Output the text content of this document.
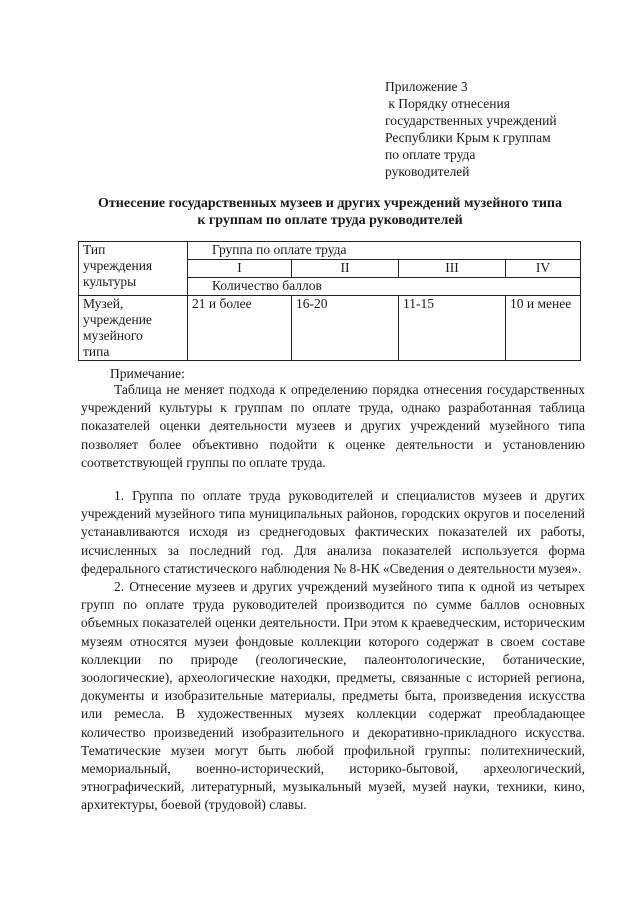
Приложение 3
к Порядку отнесения
государственных учреждений
Республики Крым к группам
по оплате труда
руководителей
Отнесение государственных музеев и других учреждений музейного типа
к группам по оплате труда руководителей
Тип
учреждения
культуры	Группа по оплате труда			
	I	II	III	IV
	Количество баллов			

Музей,
учреждение
музейного
типа	21 и более	16-20	11-15	10 и менее
Примечание:
Таблица не меняет подхода к определению порядка отнесения государственных учреждений культуры к группам по оплате труда, однако разработанная таблица показателей оценки деятельности музеев и других учреждений музейного типа позволяет более объективно подойти к оценке деятельности и установлению соответствующей группы по оплате труда.
1. Группа по оплате труда руководителей и специалистов музеев и других учреждений музейного типа муниципальных районов, городских округов и поселений устанавливаются исходя из среднегодовых фактических показателей их работы, исчисленных за последний год. Для анализа показателей используется форма федерального статистического наблюдения № 8-НК «Сведения о деятельности музея».
2. Отнесение музеев и других учреждений музейного типа к одной из четырех групп по оплате труда руководителей производится по сумме баллов основных объемных показателей оценки деятельности. При этом к краеведческим, историческим музеям относятся музеи фондовые коллекции которого содержат в своем составе коллекции по природе (геологические, палеонтологические, ботанические, зоологические), археологические находки, предметы, связанные с историей региона, документы и изобразительные материалы, предметы быта, произведения искусства или ремесла. В художественных музеях коллекции содержат преобладающее количество произведений изобразительного и декоративно-прикладного искусства. Тематические музеи могут быть любой профильной группы: политехнический, мемориальный, военно-исторический, историко-бытовой, археологический, этнографический, литературный, музыкальный музей, музей науки, техники, кино, архитектуры, боевой (трудовой) славы.
